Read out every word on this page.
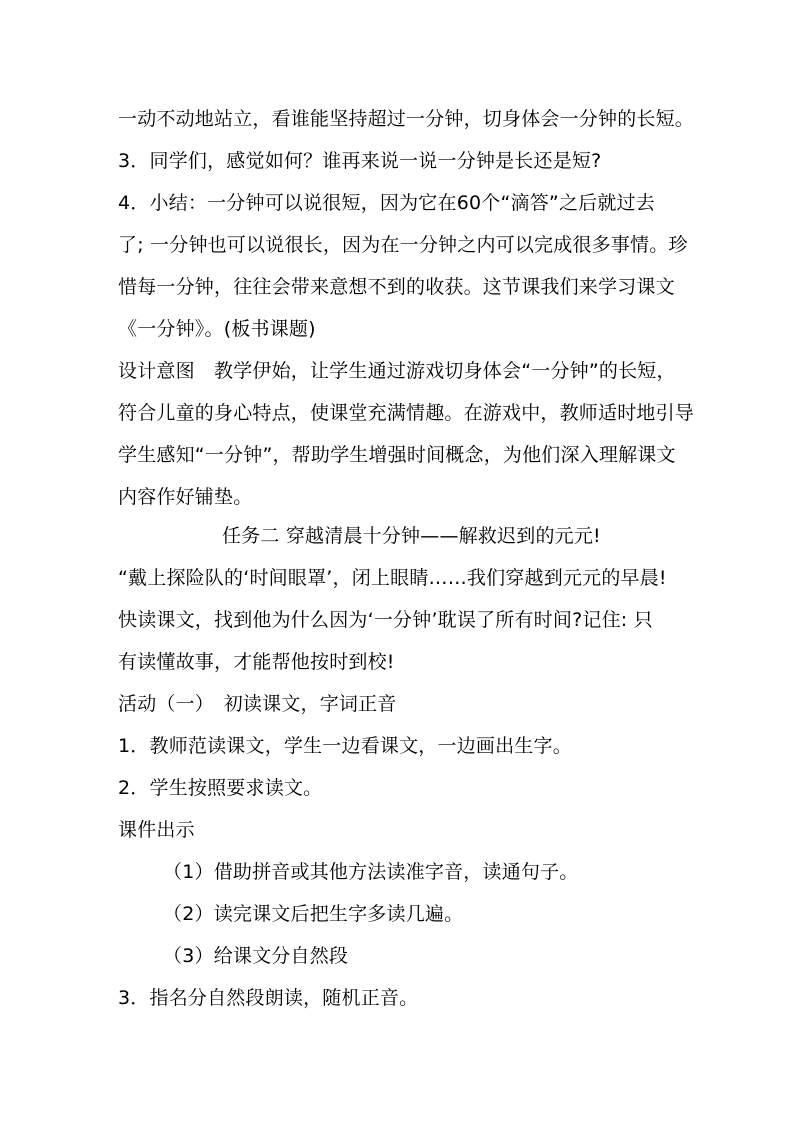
一动不动地站立，看谁能坚持超过一分钟，切身体会一分钟的长短。
3．同学们，感觉如何？谁再来说一说一分钟是长还是短?
4．小结：一分钟可以说很短，因为它在60个“滴答”之后就过去
了; 一分钟也可以说很长，因为在一分钟之内可以完成很多事情。珍
惜每一分钟，往往会带来意想不到的收获。这节课我们来学习课文
《一分钟》。(板书课题)
设计意图　教学伊始，让学生通过游戏切身体会“一分钟”的长短，
符合儿童的身心特点，使课堂充满情趣。在游戏中，教师适时地引导
学生感知“一分钟”，帮助学生增强时间概念，为他们深入理解课文
内容作好铺垫。
任务二 穿越清晨十分钟——解救迟到的元元!
“戴上探险队的‘时间眼罩’，闭上眼睛……我们穿越到元元的早晨!
快读课文，找到他为什么因为‘一分钟’耽误了所有时间?记住: 只
有读懂故事，才能帮他按时到校!
活动（一）　初读课文，字词正音
1．教师范读课文，学生一边看课文，一边画出生字。
2．学生按照要求读文。
课件出示
（1）借助拼音或其他方法读准字音，读通句子。
（2）读完课文后把生字多读几遍。
（3）给课文分自然段
3．指名分自然段朗读，随机正音。
